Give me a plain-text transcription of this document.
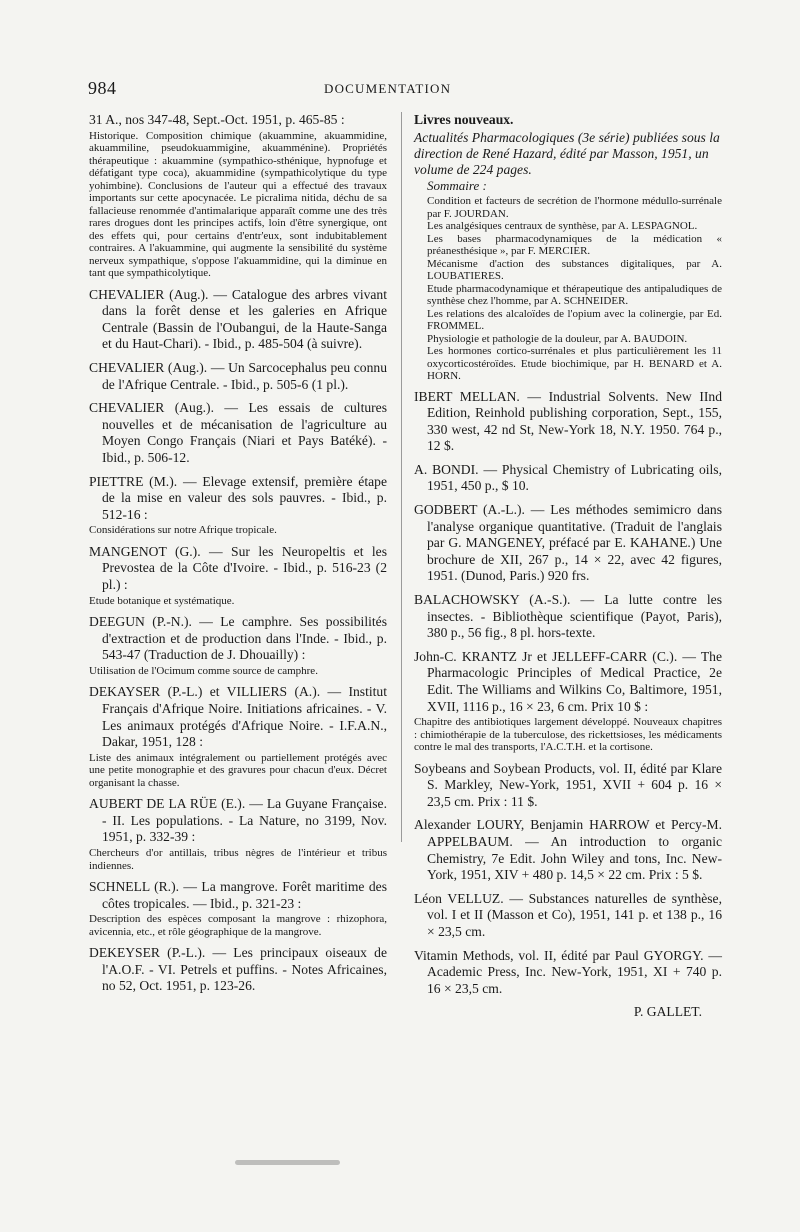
984	DOCUMENTATION

31 A., nos 347-48, Sept.-Oct. 1951, p. 465-85 :
Historique. Composition chimique (akuammine, akuammidine, akuammiline, pseudokuammigine, akuamménine). Propriétés thérapeutique : akuammine (sympathico-sthénique, hypnofuge et défatigant type coca), akuammidine (sympathicolytique du type yohimbine). Conclusions de l'auteur qui a effectué des travaux importants sur cette apocynacée. Le picralima nitida, déchu de sa fallacieuse renommée d'antimalarique apparaît comme une des très rares drogues dont les principes actifs, loin d'être synergique, ont des effets qui, pour certains d'entr'eux, sont indubitablement contraires. A l'akuammine, qui augmente la sensibilité du système nerveux sympathique, s'oppose l'akuammidine, qui la diminue en tant que sympathicolytique.

CHEVALIER (Aug.). — Catalogue des arbres vivant dans la forêt dense et les galeries en Afrique Centrale (Bassin de l'Oubangui, de la Haute-Sanga et du Haut-Chari). - Ibid., p. 485-504 (à suivre).

CHEVALIER (Aug.). — Un Sarcocephalus peu connu de l'Afrique Centrale. - Ibid., p. 505-6 (1 pl.).

CHEVALIER (Aug.). — Les essais de cultures nouvelles et de mécanisation de l'agriculture au Moyen Congo Français (Niari et Pays Batéké). - Ibid., p. 506-12.

PIETTRE (M.). — Elevage extensif, première étape de la mise en valeur des sols pauvres. - Ibid., p. 512-16 :
Considérations sur notre Afrique tropicale.

MANGENOT (G.). — Sur les Neuropeltis et les Prevostea de la Côte d'Ivoire. - Ibid., p. 516-23 (2 pl.) :
Etude botanique et systématique.

DEEGUN (P.-N.). — Le camphre. Ses possibilités d'extraction et de production dans l'Inde. - Ibid., p. 543-47 (Traduction de J. Dhouailly) :
Utilisation de l'Ocimum comme source de camphre.

DEKAYSER (P.-L.) et VILLIERS (A.). — Institut Français d'Afrique Noire. Initiations africaines. - V. Les animaux protégés d'Afrique Noire. - I.F.A.N., Dakar, 1951, 128 :
Liste des animaux intégralement ou partiellement protégés avec une petite monographie et des gravures pour chacun d'eux. Décret organisant la chasse.

AUBERT DE LA RÜE (E.). — La Guyane Française. - II. Les populations. - La Nature, no 3199, Nov. 1951, p. 332-39 :
Chercheurs d'or antillais, tribus nègres de l'intérieur et tribus indiennes.

SCHNELL (R.). — La mangrove. Forêt maritime des côtes tropicales. — Ibid., p. 321-23 :
Description des espèces composant la mangrove : rhizophora, avicennia, etc., et rôle géographique de la mangrove.

DEKEYSER (P.-L.). — Les principaux oiseaux de l'A.O.F. - VI. Petrels et puffins. - Notes Africaines, no 52, Oct. 1951, p. 123-26.

Livres nouveaux.

Actualités Pharmacologiques (3e série) publiées sous la direction de René Hazard, édité par Masson, 1951, un volume de 224 pages.

Sommaire :

Condition et facteurs de secrétion de l'hormone médullo-surrénale par F. JOURDAN.

Les analgésiques centraux de synthèse, par A. LESPAGNOL.

Les bases pharmacodynamiques de la médication « préanesthésique », par F. MERCIER.

Mécanisme d'action des substances digitaliques, par A. LOUBATIERES.

Etude pharmacodynamique et thérapeutique des antipaludiques de synthèse chez l'homme, par A. SCHNEIDER.

Les relations des alcaloïdes de l'opium avec la colinergie, par Ed. FROMMEL.

Physiologie et pathologie de la douleur, par A. BAUDOIN.

Les hormones cortico-surrénales et plus particulièrement les 11 oxycorticostéroïdes. Etude biochimique, par H. BENARD et A. HORN.

IBERT MELLAN. — Industrial Solvents. New IInd Edition, Reinhold publishing corporation, Sept., 155, 330 west, 42 nd St, New-York 18, N.Y. 1950. 764 p., 12 $.

A. BONDI. — Physical Chemistry of Lubricating oils, 1951, 450 p., $ 10.

GODBERT (A.-L.). — Les méthodes semimicro dans l'analyse organique quantitative. (Traduit de l'anglais par G. MANGENEY, préfacé par E. KAHANE.) Une brochure de XII, 267 p., 14 × 22, avec 42 figures, 1951. (Dunod, Paris.) 920 frs.

BALACHOWSKY (A.-S.). — La lutte contre les insectes. - Bibliothèque scientifique (Payot, Paris), 380 p., 56 fig., 8 pl. hors-texte.

John-C. KRANTZ Jr et JELLEFF-CARR (C.). — The Pharmacologic Principles of Medical Practice, 2e Edit. The Williams and Wilkins Co, Baltimore, 1951, XVII, 1116 p., 16 × 23, 6 cm. Prix 10 $ :
Chapitre des antibiotiques largement développé. Nouveaux chapitres : chimiothérapie de la tuberculose, des rickettsioses, les médicaments contre le mal des transports, l'A.C.T.H. et la cortisone.

Soybeans and Soybean Products, vol. II, édité par Klare S. Markley, New-York, 1951, XVII + 604 p. 16 × 23,5 cm. Prix : 11 $.

Alexander LOURY, Benjamin HARROW et Percy-M. APPELBAUM. — An introduction to organic Chemistry, 7e Edit. John Wiley and tons, Inc. New-York, 1951, XIV + 480 p. 14,5 × 22 cm. Prix : 5 $.

Léon VELLUZ. — Substances naturelles de synthèse, vol. I et II (Masson et Co), 1951, 141 p. et 138 p., 16 × 23,5 cm.

Vitamin Methods, vol. II, édité par Paul GYORGY. — Academic Press, Inc. New-York, 1951, XI + 740 p. 16 × 23,5 cm.

P. GALLET.
